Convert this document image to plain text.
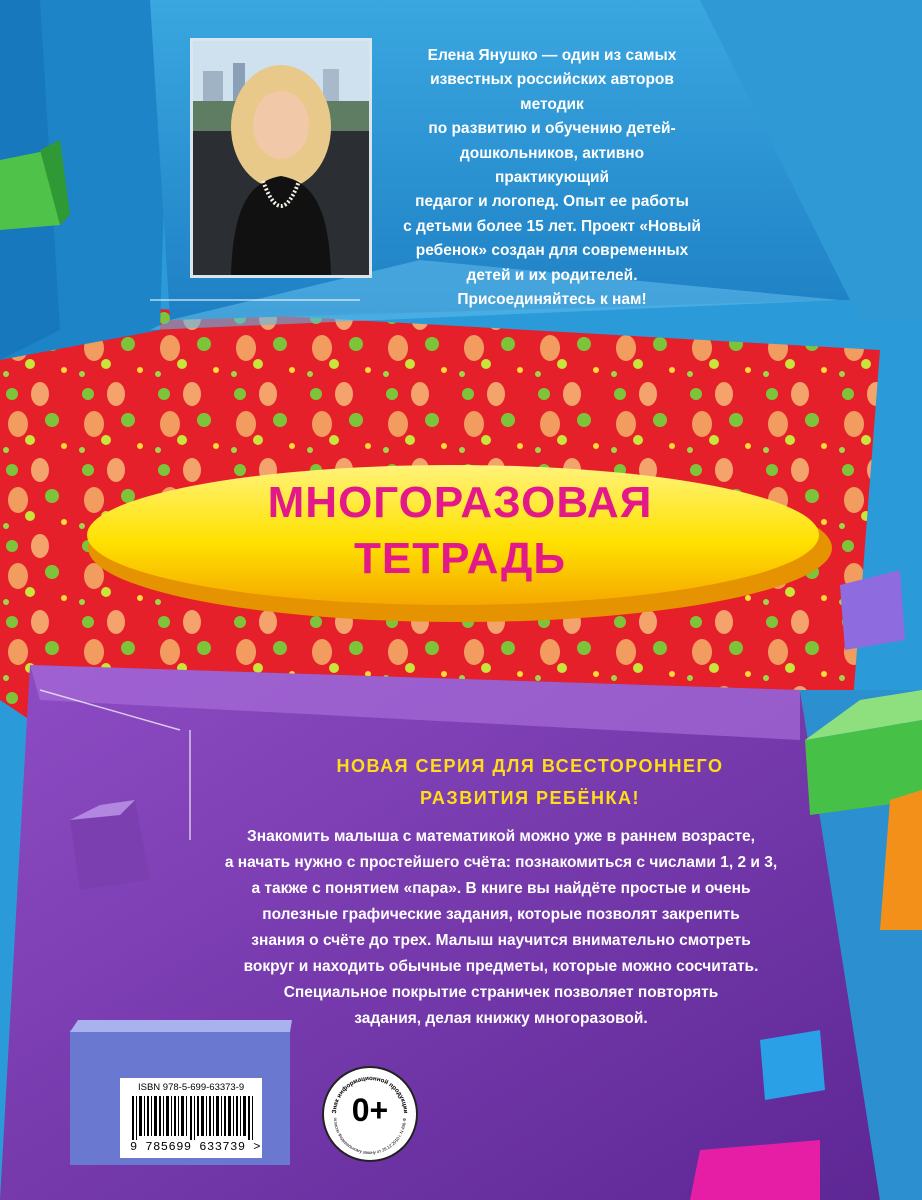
Елена Янушко — один из самых
известных российских авторов методик
по развитию и обучению детей-
дошкольников, активно практикующий
педагог и логопед. Опыт ее работы
с детьми более 15 лет. Проект «Новый
ребенок» создан для современных
детей и их родителей.
Присоединяйтесь к нам!
МНОГОРАЗОВАЯ
ТЕТРАДЬ
НОВАЯ СЕРИЯ ДЛЯ ВСЕСТОРОННЕГО
РАЗВИТИЯ РЕБЁНКА!
Знакомить малыша с математикой можно уже в раннем возрасте,
а начать нужно с простейшего счёта: познакомиться с числами 1, 2 и 3,
а также с понятием «пара». В книге вы найдёте простые и очень
полезные графические задания, которые позволят закрепить
знания о счёте до трех. Малыш научится внимательно смотреть
вокруг и находить обычные предметы, которые можно сосчитать.
Специальное покрытие страничек позволяет повторять
задания, делая книжку многоразовой.
ISBN 978-5-699-63373-9
9 785699 633739 >
Знак информационной продукции
огласно Федеральному закону от 29.12.2010 г. N 436-Ф
0+
